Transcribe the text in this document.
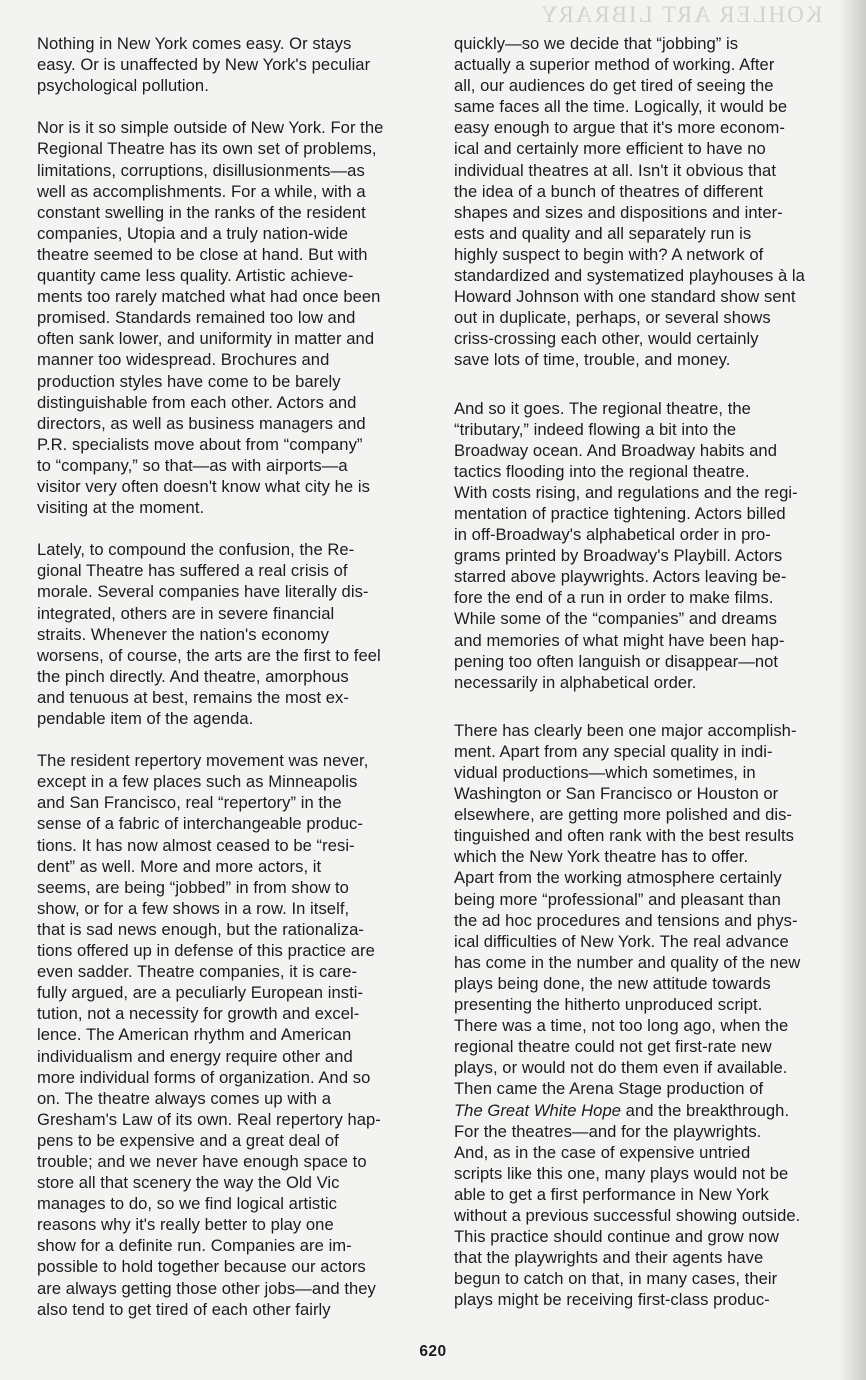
KOHLER ART LIBRARY

Nothing in New York comes easy. Or stays
easy. Or is unaffected by New York's peculiar
psychological pollution.

Nor is it so simple outside of New York. For the
Regional Theatre has its own set of problems,
limitations, corruptions, disillusionments—as
well as accomplishments. For a while, with a
constant swelling in the ranks of the resident
companies, Utopia and a truly nation-wide
theatre seemed to be close at hand. But with
quantity came less quality. Artistic achieve-
ments too rarely matched what had once been
promised. Standards remained too low and
often sank lower, and uniformity in matter and
manner too widespread. Brochures and
production styles have come to be barely
distinguishable from each other. Actors and
directors, as well as business managers and
P.R. specialists move about from “company”
to “company,” so that—as with airports—a
visitor very often doesn't know what city he is
visiting at the moment.

Lately, to compound the confusion, the Re-
gional Theatre has suffered a real crisis of
morale. Several companies have literally dis-
integrated, others are in severe financial
straits. Whenever the nation's economy
worsens, of course, the arts are the first to feel
the pinch directly. And theatre, amorphous
and tenuous at best, remains the most ex-
pendable item of the agenda.

The resident repertory movement was never,
except in a few places such as Minneapolis
and San Francisco, real “repertory” in the
sense of a fabric of interchangeable produc-
tions. It has now almost ceased to be “resi-
dent” as well. More and more actors, it
seems, are being “jobbed” in from show to
show, or for a few shows in a row. In itself,
that is sad news enough, but the rationaliza-
tions offered up in defense of this practice are
even sadder. Theatre companies, it is care-
fully argued, are a peculiarly European insti-
tution, not a necessity for growth and excel-
lence. The American rhythm and American
individualism and energy require other and
more individual forms of organization. And so
on. The theatre always comes up with a
Gresham's Law of its own. Real repertory hap-
pens to be expensive and a great deal of
trouble; and we never have enough space to
store all that scenery the way the Old Vic
manages to do, so we find logical artistic
reasons why it's really better to play one
show for a definite run. Companies are im-
possible to hold together because our actors
are always getting those other jobs—and they
also tend to get tired of each other fairly

quickly—so we decide that “jobbing” is
actually a superior method of working. After
all, our audiences do get tired of seeing the
same faces all the time. Logically, it would be
easy enough to argue that it's more econom-
ical and certainly more efficient to have no
individual theatres at all. Isn't it obvious that
the idea of a bunch of theatres of different
shapes and sizes and dispositions and inter-
ests and quality and all separately run is
highly suspect to begin with? A network of
standardized and systematized playhouses à la
Howard Johnson with one standard show sent
out in duplicate, perhaps, or several shows
criss-crossing each other, would certainly
save lots of time, trouble, and money.

And so it goes. The regional theatre, the
“tributary,” indeed flowing a bit into the
Broadway ocean. And Broadway habits and
tactics flooding into the regional theatre.
With costs rising, and regulations and the regi-
mentation of practice tightening. Actors billed
in off-Broadway's alphabetical order in pro-
grams printed by Broadway's Playbill. Actors
starred above playwrights. Actors leaving be-
fore the end of a run in order to make films.
While some of the “companies” and dreams
and memories of what might have been hap-
pening too often languish or disappear—not
necessarily in alphabetical order.

There has clearly been one major accomplish-
ment. Apart from any special quality in indi-
vidual productions—which sometimes, in
Washington or San Francisco or Houston or
elsewhere, are getting more polished and dis-
tinguished and often rank with the best results
which the New York theatre has to offer.
Apart from the working atmosphere certainly
being more “professional” and pleasant than
the ad hoc procedures and tensions and phys-
ical difficulties of New York. The real advance
has come in the number and quality of the new
plays being done, the new attitude towards
presenting the hitherto unproduced script.
There was a time, not too long ago, when the
regional theatre could not get first-rate new
plays, or would not do them even if available.
Then came the Arena Stage production of
The Great White Hope and the breakthrough.
For the theatres—and for the playwrights.
And, as in the case of expensive untried
scripts like this one, many plays would not be
able to get a first performance in New York
without a previous successful showing outside.
This practice should continue and grow now
that the playwrights and their agents have
begun to catch on that, in many cases, their
plays might be receiving first-class produc-

620
